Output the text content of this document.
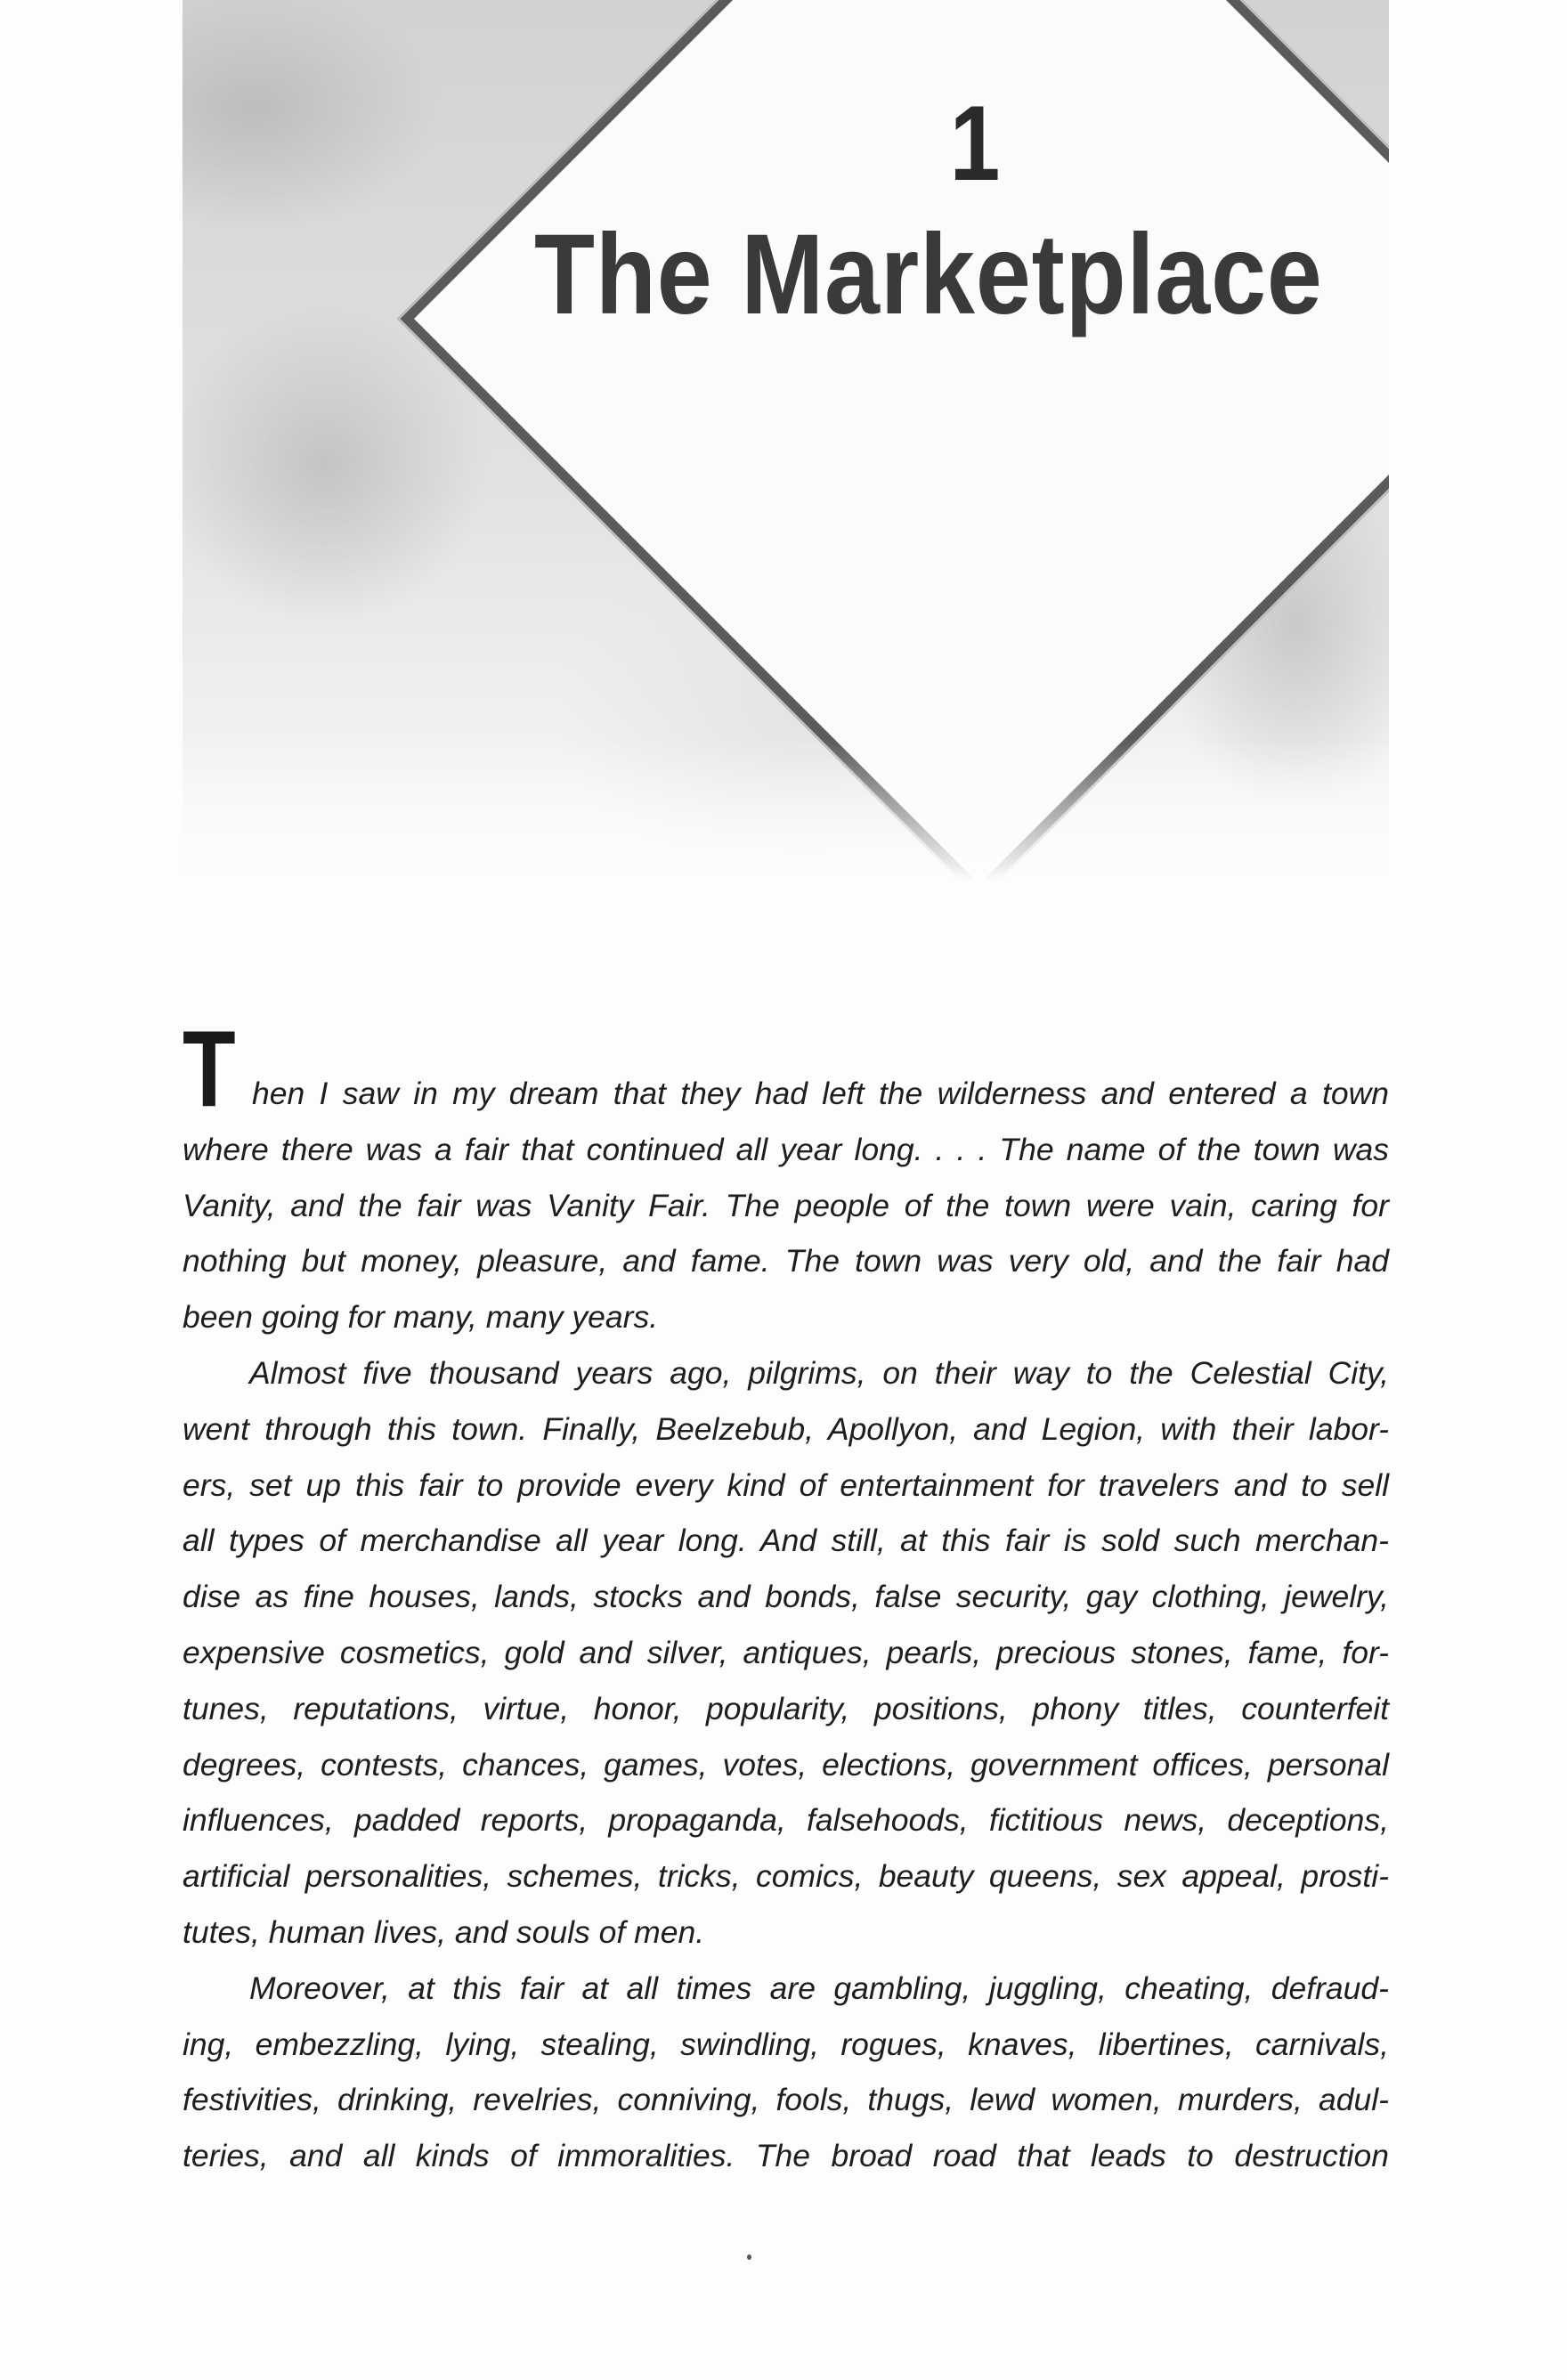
1
The Marketplace
T hen I saw in my dream that they had left the wilderness and entered a town
where there was a fair that continued all year long. . . . The name of the town was
Vanity, and the fair was Vanity Fair. The people of the town were vain, caring for
nothing but money, pleasure, and fame. The town was very old, and the fair had
been going for many, many years.
Almost five thousand years ago, pilgrims, on their way to the Celestial City,
went through this town. Finally, Beelzebub, Apollyon, and Legion, with their labor-
ers, set up this fair to provide every kind of entertainment for travelers and to sell
all types of merchandise all year long. And still, at this fair is sold such merchan-
dise as fine houses, lands, stocks and bonds, false security, gay clothing, jewelry,
expensive cosmetics, gold and silver, antiques, pearls, precious stones, fame, for-
tunes, reputations, virtue, honor, popularity, positions, phony titles, counterfeit
degrees, contests, chances, games, votes, elections, government offices, personal
influences, padded reports, propaganda, falsehoods, fictitious news, deceptions,
artificial personalities, schemes, tricks, comics, beauty queens, sex appeal, prosti-
tutes, human lives, and souls of men.
Moreover, at this fair at all times are gambling, juggling, cheating, defraud-
ing, embezzling, lying, stealing, swindling, rogues, knaves, libertines, carnivals,
festivities, drinking, revelries, conniving, fools, thugs, lewd women, murders, adul-
teries, and all kinds of immoralities. The broad road that leads to destruction
